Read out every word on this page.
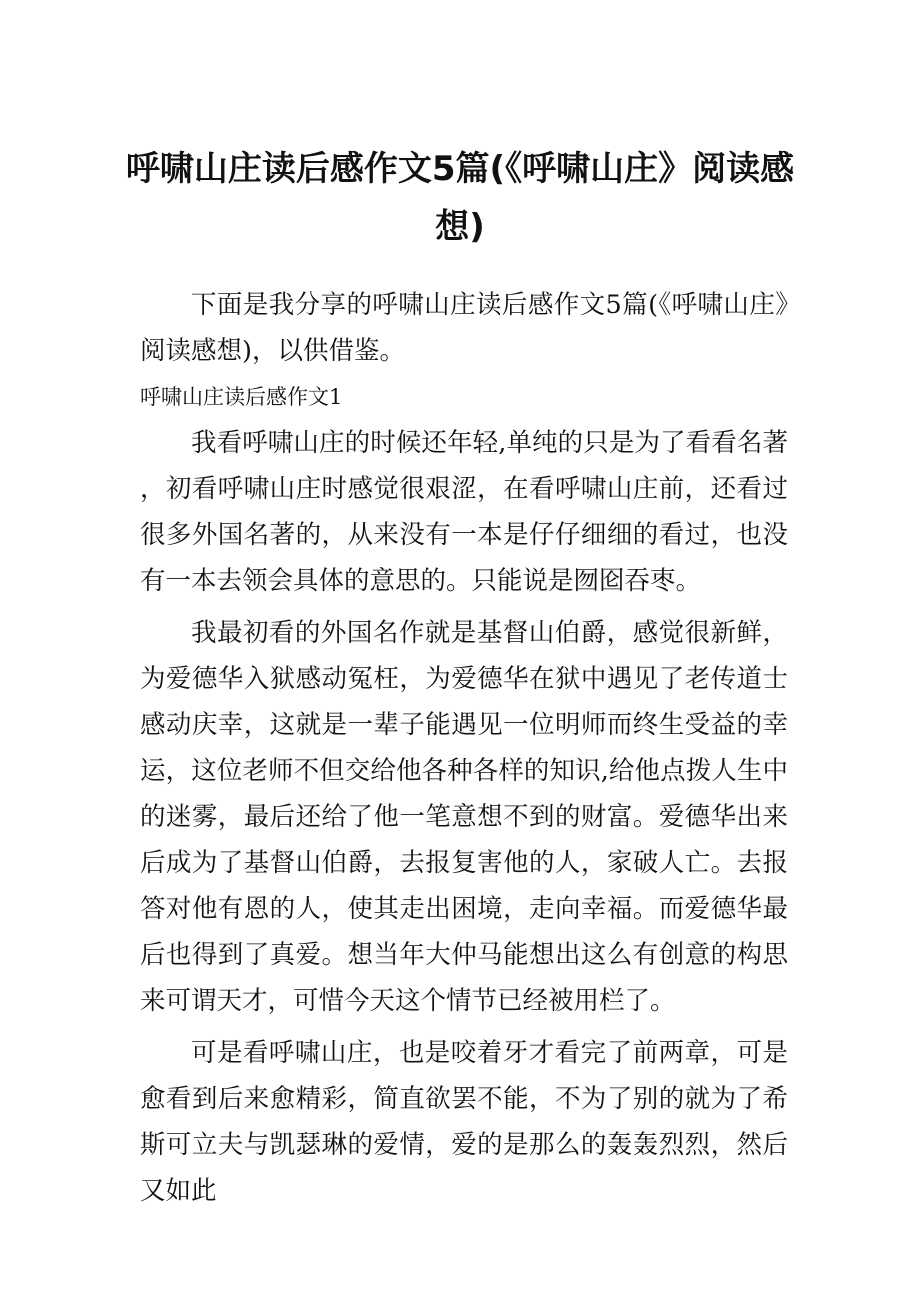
呼啸山庄读后感作文5篇(《呼啸山庄》阅读感想)

下面是我分享的呼啸山庄读后感作文5篇(《呼啸山庄》阅读感想)，以供借鉴。

呼啸山庄读后感作文1

我看呼啸山庄的时候还年轻,单纯的只是为了看看名著，初看呼啸山庄时感觉很艰涩，在看呼啸山庄前，还看过很多外国名著的，从来没有一本是仔仔细细的看过，也没有一本去领会具体的意思的。只能说是囫囵吞枣。

我最初看的外国名作就是基督山伯爵，感觉很新鲜，为爱德华入狱感动冤枉，为爱德华在狱中遇见了老传道士感动庆幸，这就是一辈子能遇见一位明师而终生受益的幸运，这位老师不但交给他各种各样的知识,给他点拨人生中的迷雾，最后还给了他一笔意想不到的财富。爱德华出来后成为了基督山伯爵，去报复害他的人，家破人亡。去报答对他有恩的人，使其走出困境，走向幸福。而爱德华最后也得到了真爱。想当年大仲马能想出这么有创意的构思来可谓天才，可惜今天这个情节已经被用栏了。

可是看呼啸山庄，也是咬着牙才看完了前两章，可是愈看到后来愈精彩，简直欲罢不能，不为了别的就为了希斯可立夫与凯瑟琳的爱情，爱的是那么的轰轰烈烈，然后又如此
